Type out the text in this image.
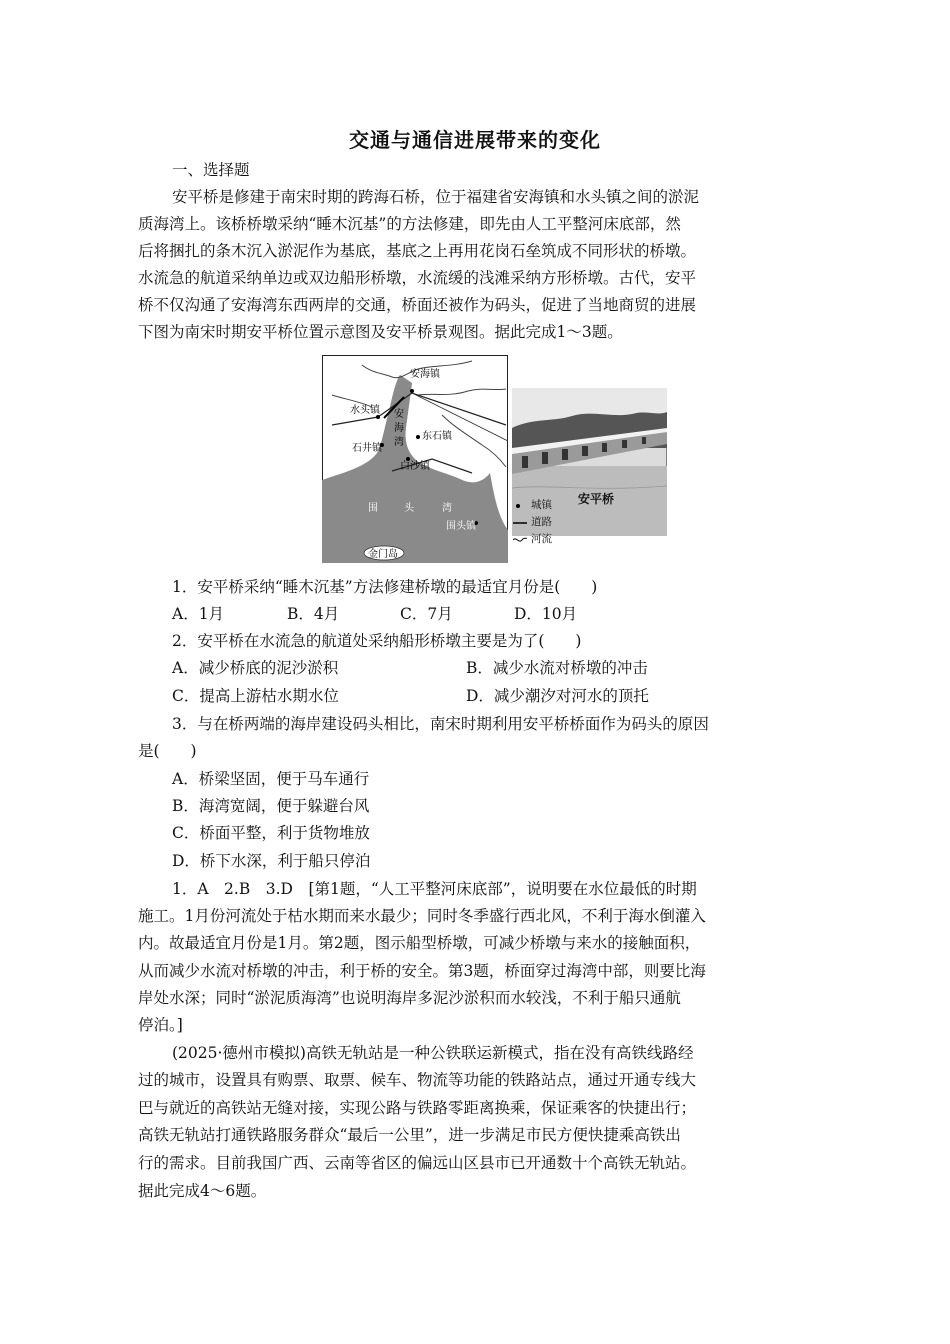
交通与通信进展带来的变化
一、选择题
安平桥是修建于南宋时期的跨海石桥，位于福建省安海镇和水头镇之间的淤泥
质海湾上。该桥桥墩采纳“睡木沉基”的方法修建，即先由人工平整河床底部，然
后将捆扎的条木沉入淤泥作为基底，基底之上再用花岗石垒筑成不同形状的桥墩。
水流急的航道采纳单边或双边船形桥墩，水流缓的浅滩采纳方形桥墩。古代，安平
桥不仅沟通了安海湾东西两岸的交通，桥面还被作为码头，促进了当地商贸的进展
下图为南宋时期安平桥位置示意图及安平桥景观图。据此完成1～3题。
安海镇
水头镇 安
海
湾
东石镇
石井镇
白沙镇
围	头	湾
围头镇
金门岛
安平桥
城镇
道路
河流
1．安平桥采纳“睡木沉基”方法修建桥墩的最适宜月份是(　　)
A．1月	B．4月	C．7月	D．10月
2．安平桥在水流急的航道处采纳船形桥墩主要是为了(　　)
A．减少桥底的泥沙淤积	B．减少水流对桥墩的冲击
C．提高上游枯水期水位	D．减少潮汐对河水的顶托
3．与在桥两端的海岸建设码头相比，南宋时期利用安平桥桥面作为码头的原因
是(　　)
A．桥梁坚固，便于马车通行
B．海湾宽阔，便于躲避台风
C．桥面平整，利于货物堆放
D．桥下水深，利于船只停泊
1．A　2.B　3.D　[第1题，“人工平整河床底部”，说明要在水位最低的时期
施工。1月份河流处于枯水期而来水最少；同时冬季盛行西北风，不利于海水倒灌入
内。故最适宜月份是1月。第2题，图示船型桥墩，可减少桥墩与来水的接触面积，
从而减少水流对桥墩的冲击，利于桥的安全。第3题，桥面穿过海湾中部，则要比海
岸处水深；同时“淤泥质海湾”也说明海岸多泥沙淤积而水较浅，不利于船只通航
停泊。]
(2025·德州市模拟)高铁无轨站是一种公铁联运新模式，指在没有高铁线路经
过的城市，设置具有购票、取票、候车、物流等功能的铁路站点，通过开通专线大
巴与就近的高铁站无缝对接，实现公路与铁路零距离换乘，保证乘客的快捷出行；
高铁无轨站打通铁路服务群众“最后一公里”，进一步满足市民方便快捷乘高铁出
行的需求。目前我国广西、云南等省区的偏远山区县市已开通数十个高铁无轨站。
据此完成4～6题。
